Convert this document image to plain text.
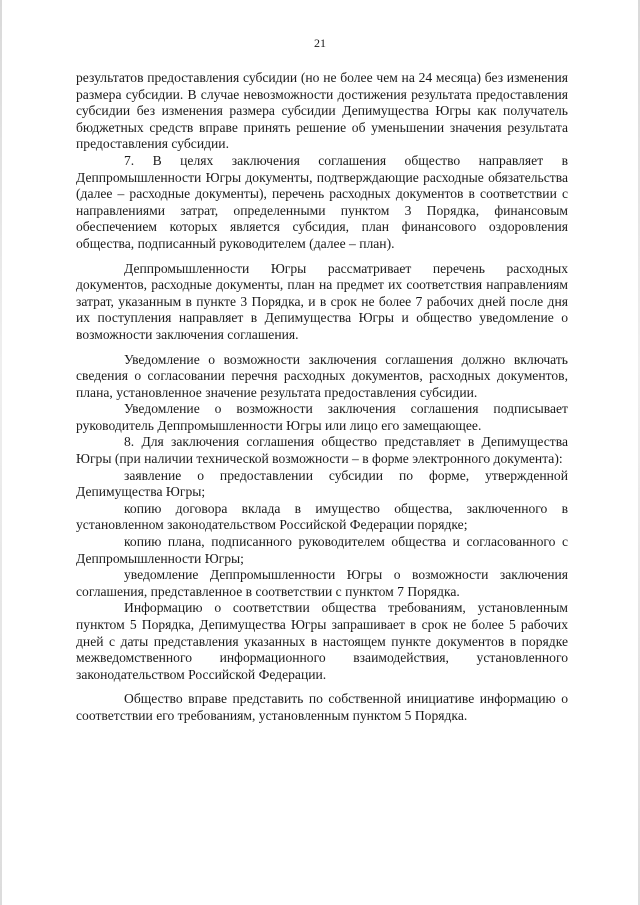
21

результатов предоставления субсидии (но не более чем на 24 месяца) без изменения размера субсидии. В случае невозможности достижения результата предоставления субсидии без изменения размера субсидии Депимущества Югры как получатель бюджетных средств вправе принять решение об уменьшении значения результата предоставления субсидии.

7. В целях заключения соглашения общество направляет в Деппромышленности Югры документы, подтверждающие расходные обязательства (далее – расходные документы), перечень расходных документов в соответствии с направлениями затрат, определенными пунктом 3 Порядка, финансовым обеспечением которых является субсидия, план финансового оздоровления общества, подписанный руководителем (далее – план).

Деппромышленности Югры рассматривает перечень расходных документов, расходные документы, план на предмет их соответствия направлениям затрат, указанным в пункте 3 Порядка, и в срок не более 7 рабочих дней после дня их поступления направляет в Депимущества Югры и общество уведомление о возможности заключения соглашения.

Уведомление о возможности заключения соглашения должно включать сведения о согласовании перечня расходных документов, расходных документов, плана, установленное значение результата предоставления субсидии.

Уведомление о возможности заключения соглашения подписывает руководитель Деппромышленности Югры или лицо его замещающее.

8. Для заключения соглашения общество представляет в Депимущества Югры (при наличии технической возможности – в форме электронного документа):

заявление о предоставлении субсидии по форме, утвержденной Депимущества Югры;

копию договора вклада в имущество общества, заключенного в установленном законодательством Российской Федерации порядке;

копию плана, подписанного руководителем общества и согласованного с Деппромышленности Югры;

уведомление Деппромышленности Югры о возможности заключения соглашения, представленное в соответствии с пунктом 7 Порядка.

Информацию о соответствии общества требованиям, установленным пунктом 5 Порядка, Депимущества Югры запрашивает в срок не более 5 рабочих дней с даты представления указанных в настоящем пункте документов в порядке межведомственного информационного взаимодействия, установленного законодательством Российской Федерации.

Общество вправе представить по собственной инициативе информацию о соответствии его требованиям, установленным пунктом 5 Порядка.
